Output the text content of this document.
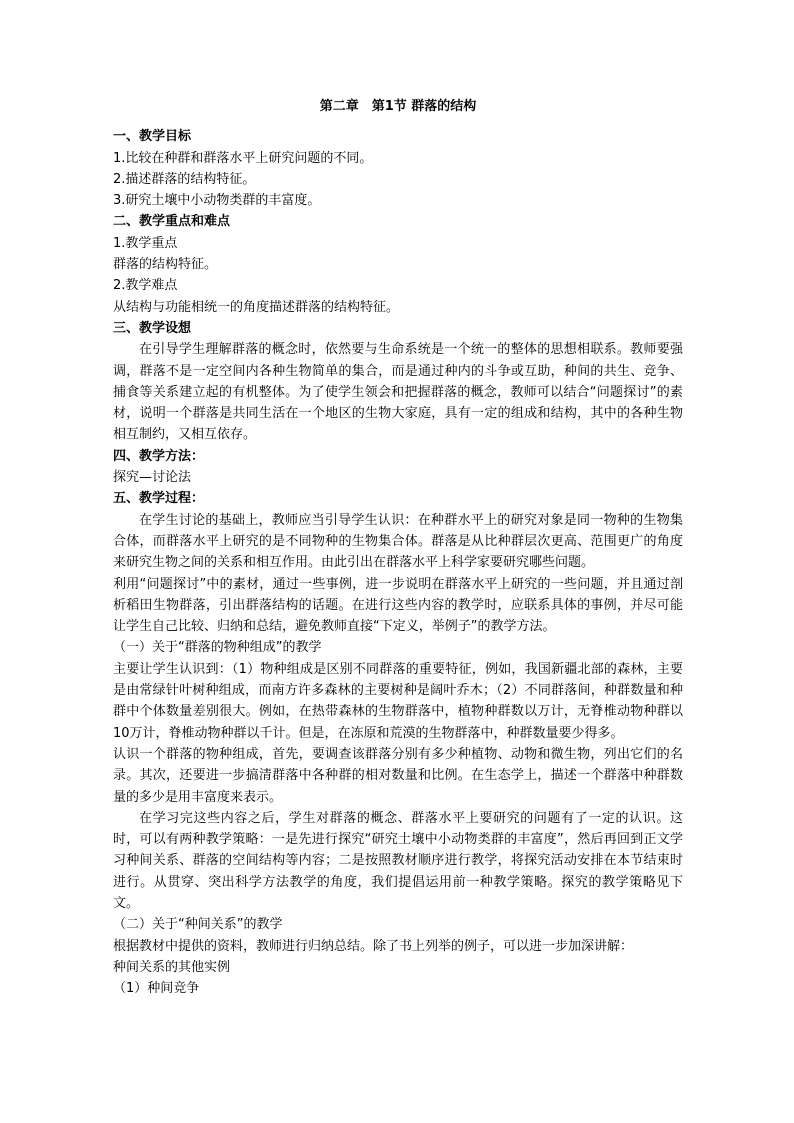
第二章　第1节 群落的结构
一、教学目标
1.比较在种群和群落水平上研究问题的不同。
2.描述群落的结构特征。
3.研究土壤中小动物类群的丰富度。
二、教学重点和难点
1.教学重点
群落的结构特征。
2.教学难点
从结构与功能相统一的角度描述群落的结构特征。
三、教学设想
在引导学生理解群落的概念时，依然要与生命系统是一个统一的整体的思想相联系。教师要强调，群落不是一定空间内各种生物简单的集合，而是通过种内的斗争或互助，种间的共生、竞争、捕食等关系建立起的有机整体。为了使学生领会和把握群落的概念，教师可以结合“问题探讨”的素材，说明一个群落是共同生活在一个地区的生物大家庭，具有一定的组成和结构，其中的各种生物相互制约，又相互依存。
四、教学方法：
探究—讨论法
五、教学过程：
在学生讨论的基础上，教师应当引导学生认识：在种群水平上的研究对象是同一物种的生物集合体，而群落水平上研究的是不同物种的生物集合体。群落是从比种群层次更高、范围更广的角度来研究生物之间的关系和相互作用。由此引出在群落水平上科学家要研究哪些问题。
利用“问题探讨”中的素材，通过一些事例，进一步说明在群落水平上研究的一些问题，并且通过剖析稻田生物群落，引出群落结构的话题。在进行这些内容的教学时，应联系具体的事例，并尽可能让学生自己比较、归纳和总结，避免教师直接“下定义，举例子”的教学方法。
（一）关于“群落的物种组成”的教学
主要让学生认识到：（1）物种组成是区别不同群落的重要特征，例如，我国新疆北部的森林，主要是由常绿针叶树种组成，而南方许多森林的主要树种是阔叶乔木；（2）不同群落间，种群数量和种群中个体数量差别很大。例如，在热带森林的生物群落中，植物种群数以万计，无脊椎动物种群以10万计，脊椎动物种群以千计。但是，在冻原和荒漠的生物群落中，种群数量要少得多。
认识一个群落的物种组成，首先，要调查该群落分别有多少种植物、动物和微生物，列出它们的名录。其次，还要进一步搞清群落中各种群的相对数量和比例。在生态学上，描述一个群落中种群数量的多少是用丰富度来表示。
在学习完这些内容之后，学生对群落的概念、群落水平上要研究的问题有了一定的认识。这时，可以有两种教学策略：一是先进行探究“研究土壤中小动物类群的丰富度”，然后再回到正文学习种间关系、群落的空间结构等内容；二是按照教材顺序进行教学，将探究活动安排在本节结束时进行。从贯穿、突出科学方法教学的角度，我们提倡运用前一种教学策略。探究的教学策略见下文。
（二）关于“种间关系”的教学
根据教材中提供的资料，教师进行归纳总结。除了书上列举的例子，可以进一步加深讲解：
种间关系的其他实例
（1）种间竞争
